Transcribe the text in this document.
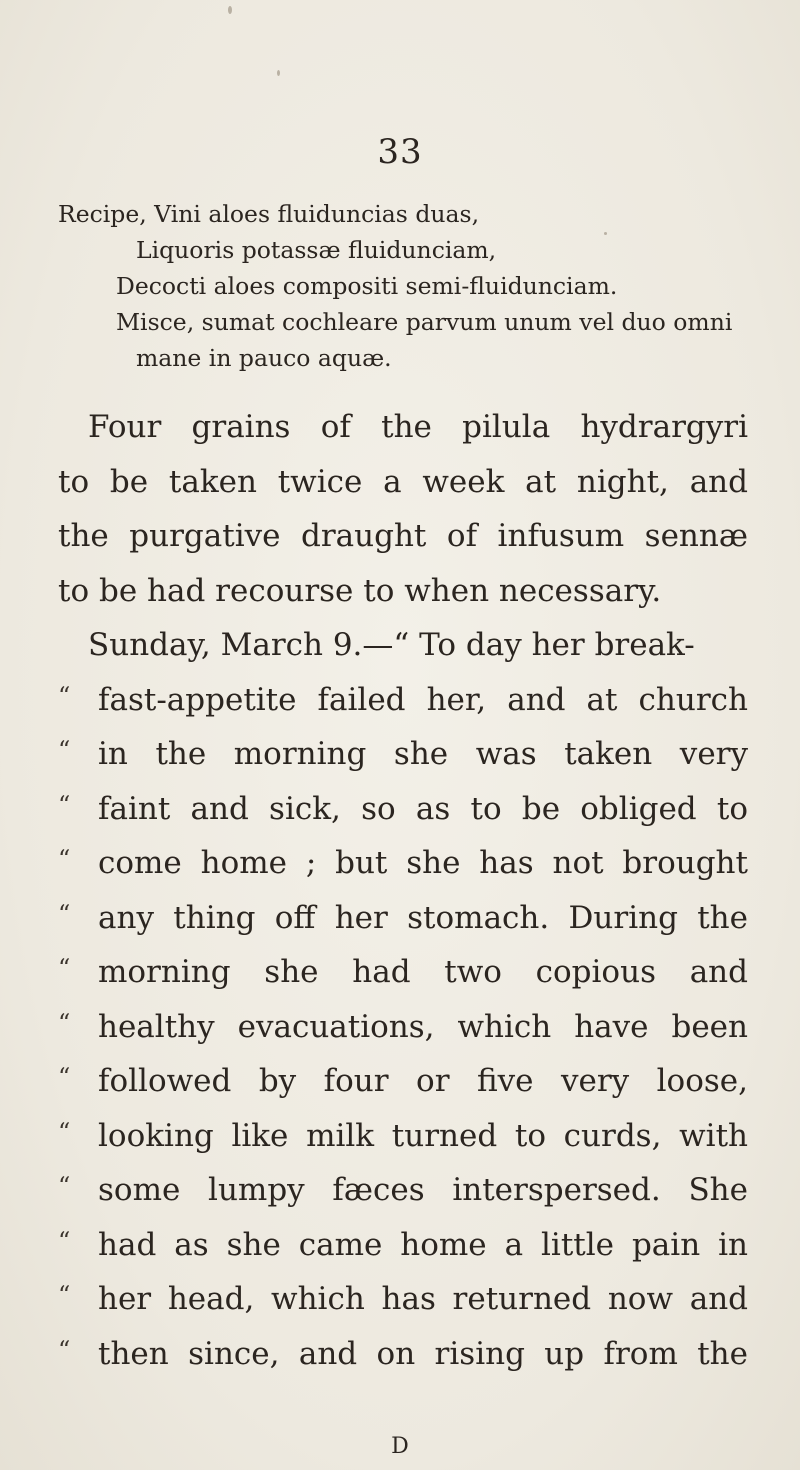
33
Recipe, Vini aloes fluiduncias duas,
Liquoris potassæ fluidunciam,
Decocti aloes compositi semi-fluidunciam.
Misce, sumat cochleare parvum unum vel duo omni
mane in pauco aquæ.
Four grains of the pilula hydrargyri
to be taken twice a week at night, and
the purgative draught of infusum sennæ
to be had recourse to when necessary.
Sunday, March 9.—“ To day her break-
“ fast-appetite failed her, and at church
“ in the morning she was taken very
“ faint and sick, so as to be obliged to
“ come home ; but she has not brought
“ any thing off her stomach. During the
“ morning she had two copious and
“ healthy evacuations, which have been
“ followed by four or five very loose,
“ looking like milk turned to curds, with
“ some lumpy fæces interspersed. She
“ had as she came home a little pain in
“ her head, which has returned now and
“ then since, and on rising up from the
D
